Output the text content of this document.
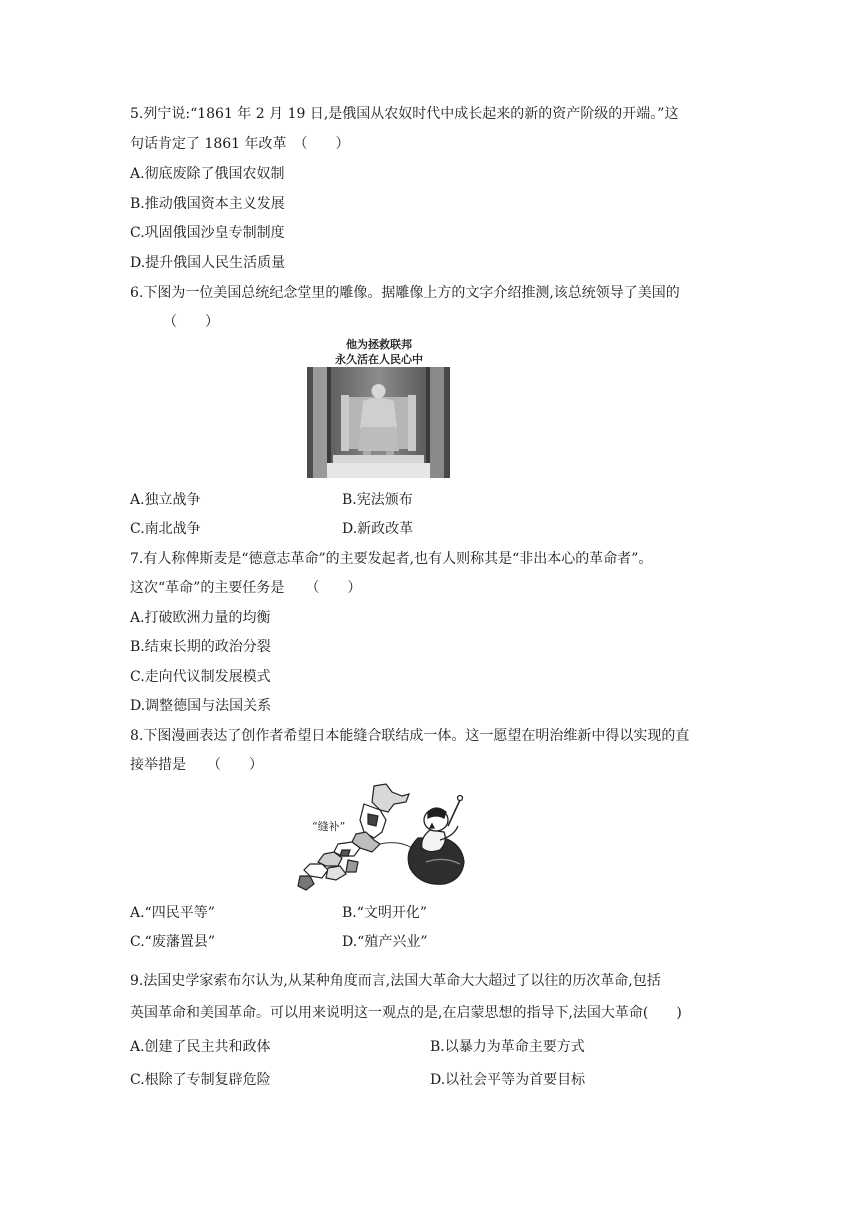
5.列宁说:“1861 年 2 月 19 日,是俄国从农奴时代中成长起来的新的资产阶级的开端。”这
句话肯定了 1861 年改革　（　　）
A.彻底废除了俄国农奴制
B.推动俄国资本主义发展
C.巩固俄国沙皇专制制度
D.提升俄国人民生活质量
6.下图为一位美国总统纪念堂里的雕像。据雕像上方的文字介绍推测,该总统领导了美国的
（　　）
他为拯救联邦
永久活在人民心中
A.独立战争	B.宪法颁布
C.南北战争	D.新政改革
7.有人称俾斯麦是“德意志革命”的主要发起者,也有人则称其是“非出本心的革命者”。
这次“革命”的主要任务是　　（　　）
A.打破欧洲力量的均衡
B.结束长期的政治分裂
C.走向代议制发展模式
D.调整德国与法国关系
8.下图漫画表达了创作者希望日本能缝合联结成一体。这一愿望在明治维新中得以实现的直
接举措是　　（　　）
“缝补”
A.“四民平等”	B.“文明开化”
C.“废藩置县”	D.“殖产兴业”
9.法国史学家索布尔认为,从某种角度而言,法国大革命大大超过了以往的历次革命,包括
英国革命和美国革命。可以用来说明这一观点的是,在启蒙思想的指导下,法国大革命(　　)
A.创建了民主共和政体	B.以暴力为革命主要方式
C.根除了专制复辟危险	D.以社会平等为首要目标
